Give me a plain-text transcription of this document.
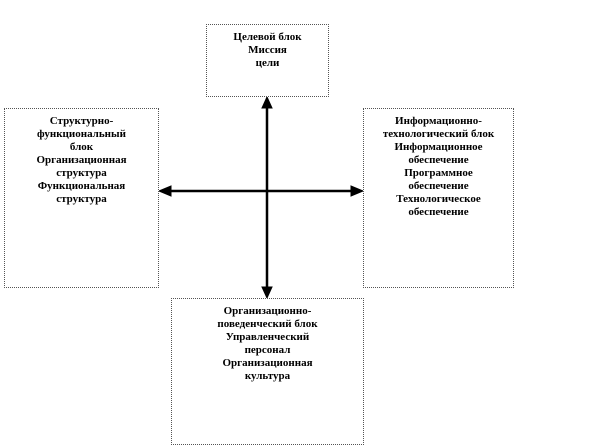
Целевой блок
Миссия
цели
Структурно-
функциональный
блок
Организационная
структура
Функциональная
структура
Информационно-
технологический блок
Информационное
обеспечение
Программное
обеспечение
Технологическое
обеспечение
Организационно-
поведенческий блок
Управленческий
персонал
Организационная
культура
